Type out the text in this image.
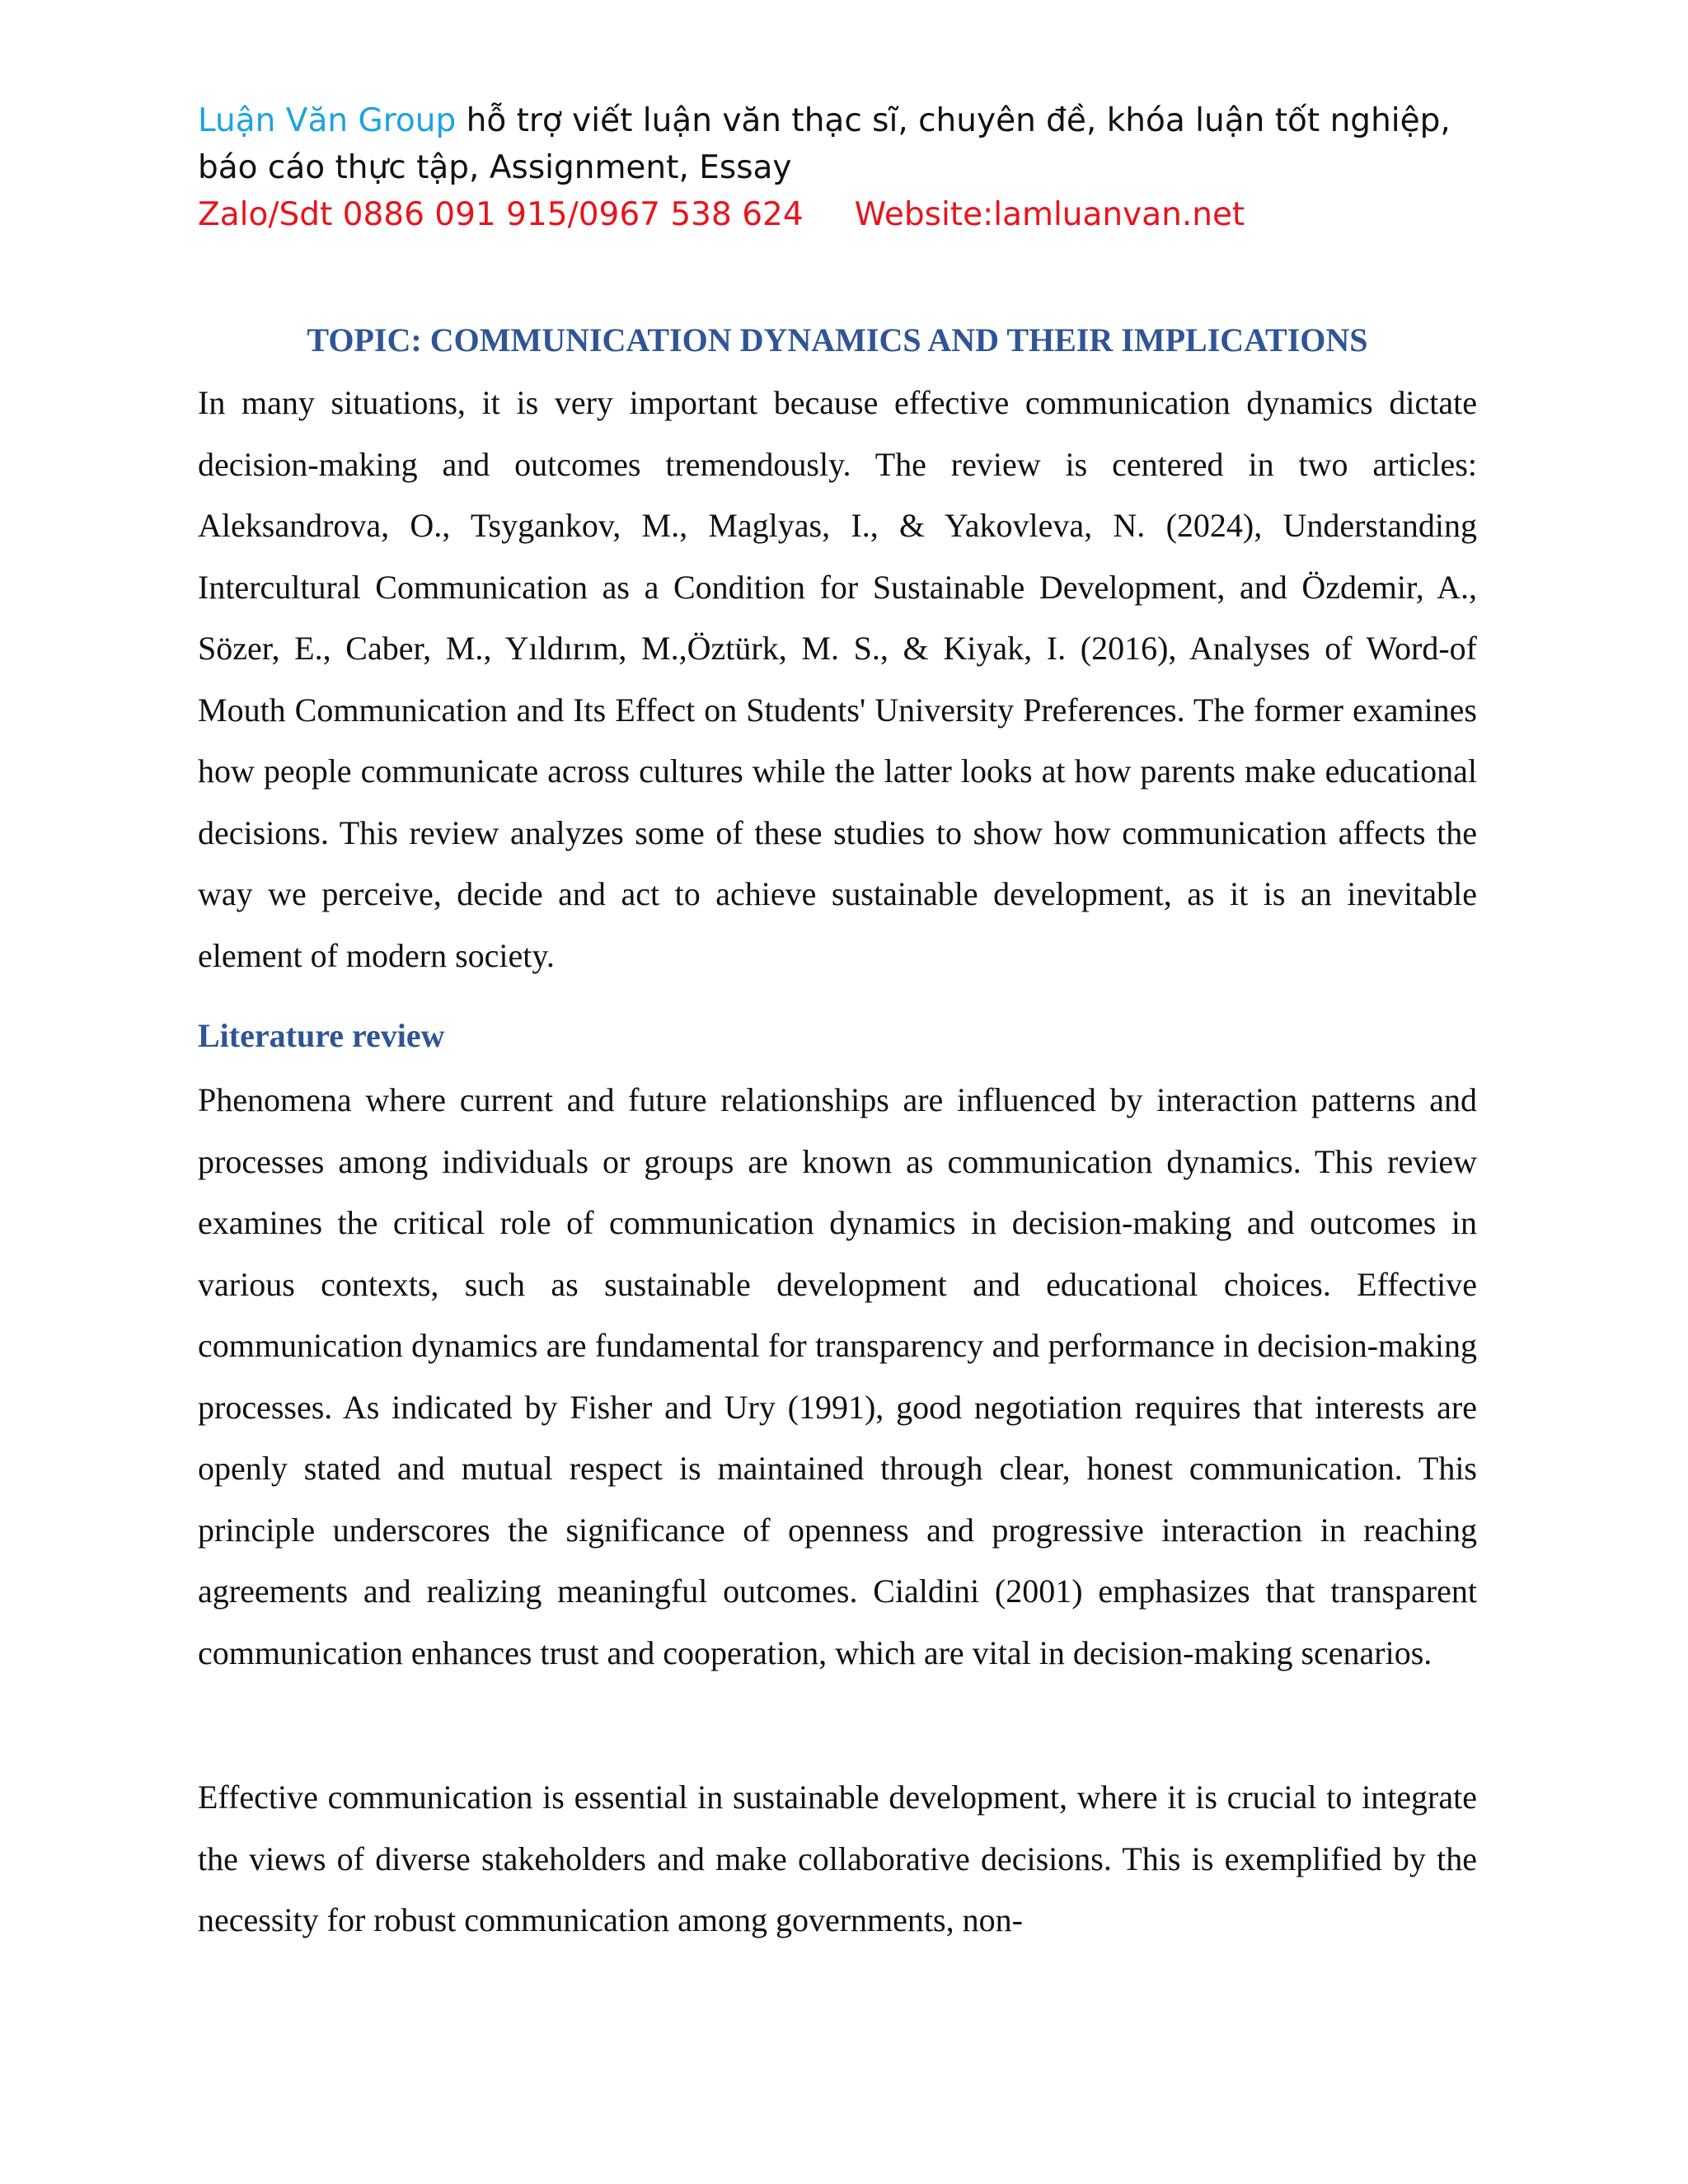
Luận Văn Group hỗ trợ viết luận văn thạc sĩ, chuyên đề, khóa luận tốt nghiệp, báo cáo thực tập, Assignment, Essay
Zalo/Sdt 0886 091 915/0967 538 624     Website:lamluanvan.net
TOPIC: COMMUNICATION DYNAMICS AND THEIR IMPLICATIONS

In many situations, it is very important because effective communication dynamics dictate decision-making and outcomes tremendously. The review is centered in two articles: Aleksandrova, O., Tsygankov, M., Maglyas, I., & Yakovleva, N. (2024), Understanding Intercultural Communication as a Condition for Sustainable Development, and Özdemir, A., Sözer, E., Caber, M., Yıldırım, M.,Öztürk, M. S., & Kiyak, I. (2016), Analyses of Word-of Mouth Communication and Its Effect on Students' University Preferences. The former examines how people communicate across cultures while the latter looks at how parents make educational decisions. This review analyzes some of these studies to show how communication affects the way we perceive, decide and act to achieve sustainable development, as it is an inevitable element of modern society.

Literature review

Phenomena where current and future relationships are influenced by interaction patterns and processes among individuals or groups are known as communication dynamics. This review examines the critical role of communication dynamics in decision-making and outcomes in various contexts, such as sustainable development and educational choices. Effective communication dynamics are fundamental for transparency and performance in decision-making processes. As indicated by Fisher and Ury (1991), good negotiation requires that interests are openly stated and mutual respect is maintained through clear, honest communication. This principle underscores the significance of openness and progressive interaction in reaching agreements and realizing meaningful outcomes. Cialdini (2001) emphasizes that transparent communication enhances trust and cooperation, which are vital in decision-making scenarios.

Effective communication is essential in sustainable development, where it is crucial to integrate the views of diverse stakeholders and make collaborative decisions. This is exemplified by the necessity for robust communication among governments, non-
